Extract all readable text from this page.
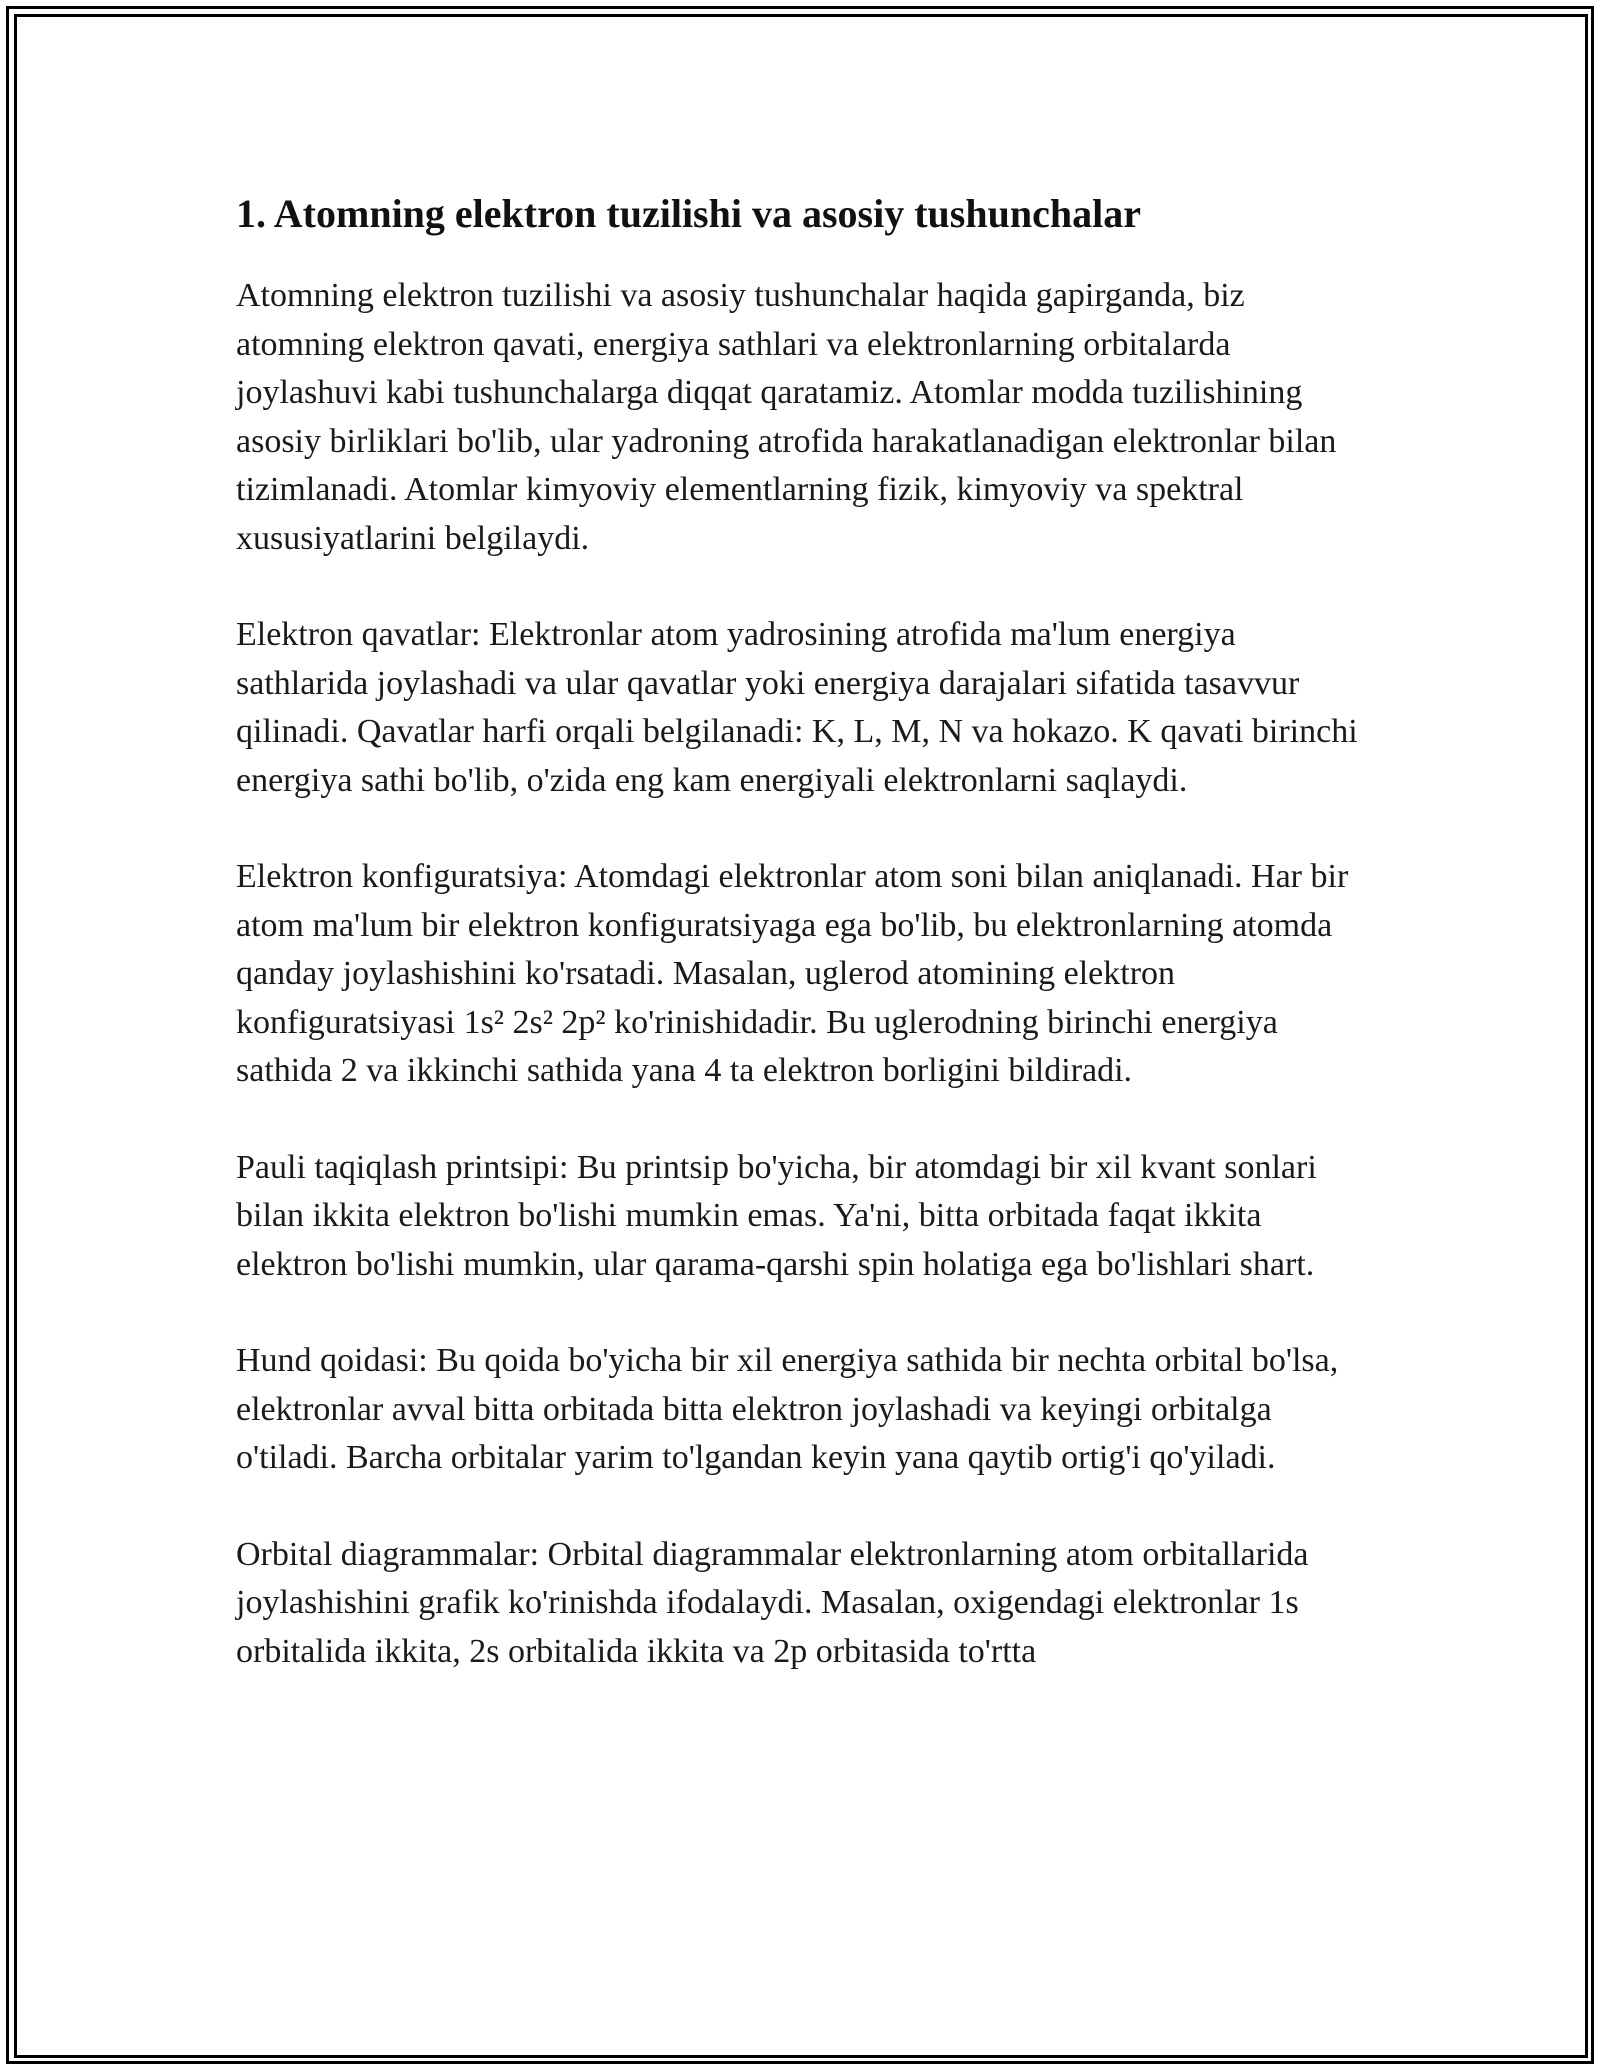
1. Atomning elektron tuzilishi va asosiy tushunchalar

Atomning elektron tuzilishi va asosiy tushunchalar haqida gapirganda, biz atomning elektron qavati, energiya sathlari va elektronlarning orbitalarda joylashuvi kabi tushunchalarga diqqat qaratamiz. Atomlar modda tuzilishining asosiy birliklari bo'lib, ular yadroning atrofida harakatlanadigan elektronlar bilan tizimlanadi. Atomlar kimyoviy elementlarning fizik, kimyoviy va spektral xususiyatlarini belgilaydi.

Elektron qavatlar: Elektronlar atom yadrosining atrofida ma'lum energiya sathlarida joylashadi va ular qavatlar yoki energiya darajalari sifatida tasavvur qilinadi. Qavatlar harfi orqali belgilanadi: K, L, M, N va hokazo. K qavati birinchi energiya sathi bo'lib, o'zida eng kam energiyali elektronlarni saqlaydi.

Elektron konfiguratsiya: Atomdagi elektronlar atom soni bilan aniqlanadi. Har bir atom ma'lum bir elektron konfiguratsiyaga ega bo'lib, bu elektronlarning atomda qanday joylashishini ko'rsatadi. Masalan, uglerod atomining elektron konfiguratsiyasi 1s² 2s² 2p² ko'rinishidadir. Bu uglerodning birinchi energiya sathida 2 va ikkinchi sathida yana 4 ta elektron borligini bildiradi.

Pauli taqiqlash printsipi: Bu printsip bo'yicha, bir atomdagi bir xil kvant sonlari bilan ikkita elektron bo'lishi mumkin emas. Ya'ni, bitta orbitada faqat ikkita elektron bo'lishi mumkin, ular qarama-qarshi spin holatiga ega bo'lishlari shart.

Hund qoidasi: Bu qoida bo'yicha bir xil energiya sathida bir nechta orbital bo'lsa, elektronlar avval bitta orbitada bitta elektron joylashadi va keyingi orbitalga o'tiladi. Barcha orbitalar yarim to'lgandan keyin yana qaytib ortig'i qo'yiladi.

Orbital diagrammalar: Orbital diagrammalar elektronlarning atom orbitallarida joylashishini grafik ko'rinishda ifodalaydi. Masalan, oxigendagi elektronlar 1s orbitalida ikkita, 2s orbitalida ikkita va 2p orbitasida to'rtta
